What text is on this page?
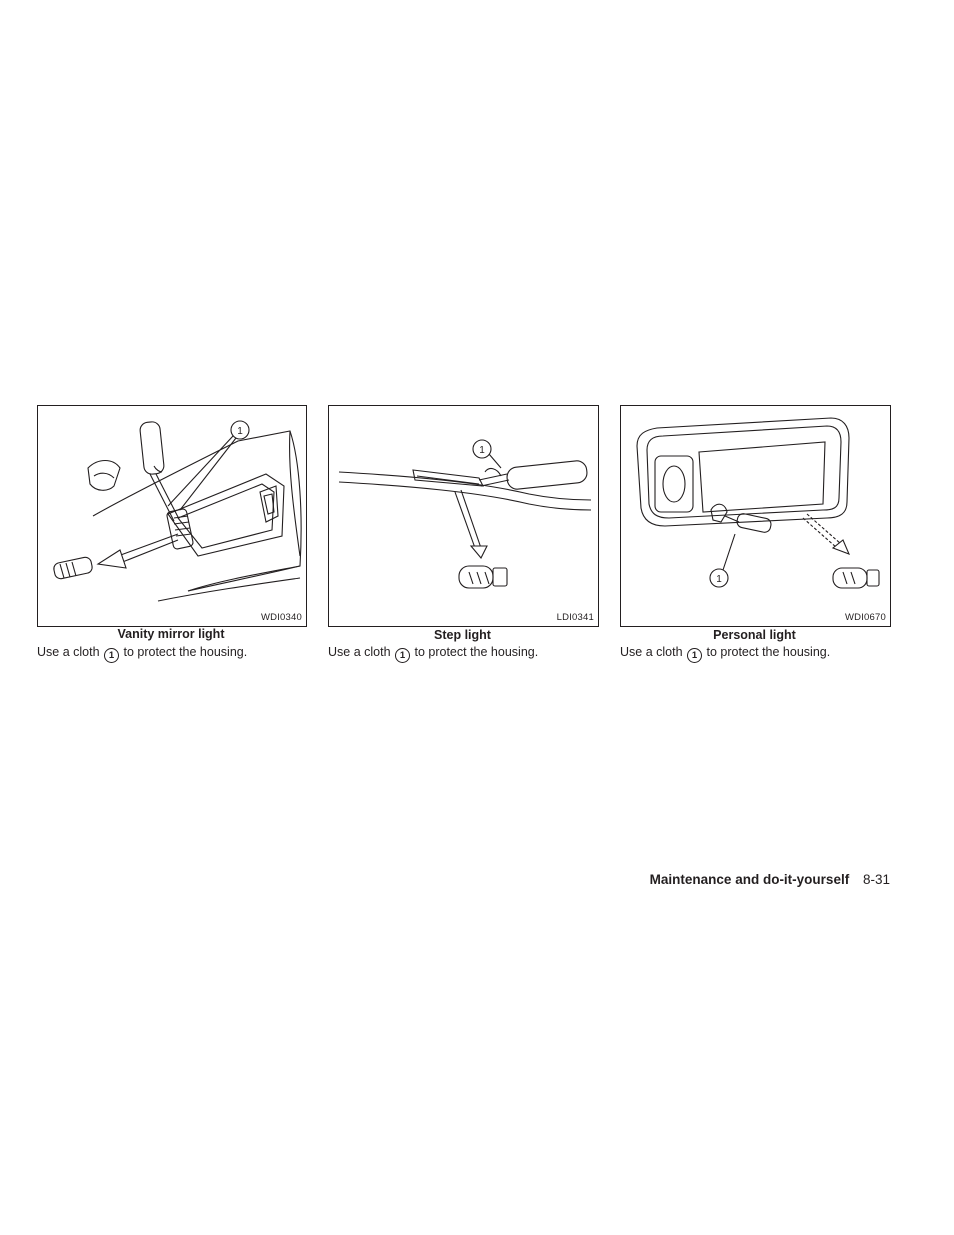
1
WDI0340
Vanity mirror light
Use a cloth 1 to protect the housing.
1
LDI0341
Step light
Use a cloth 1 to protect the housing.
1
WDI0670
Personal light
Use a cloth 1 to protect the housing.
Maintenance and do-it-yourself 8-31
